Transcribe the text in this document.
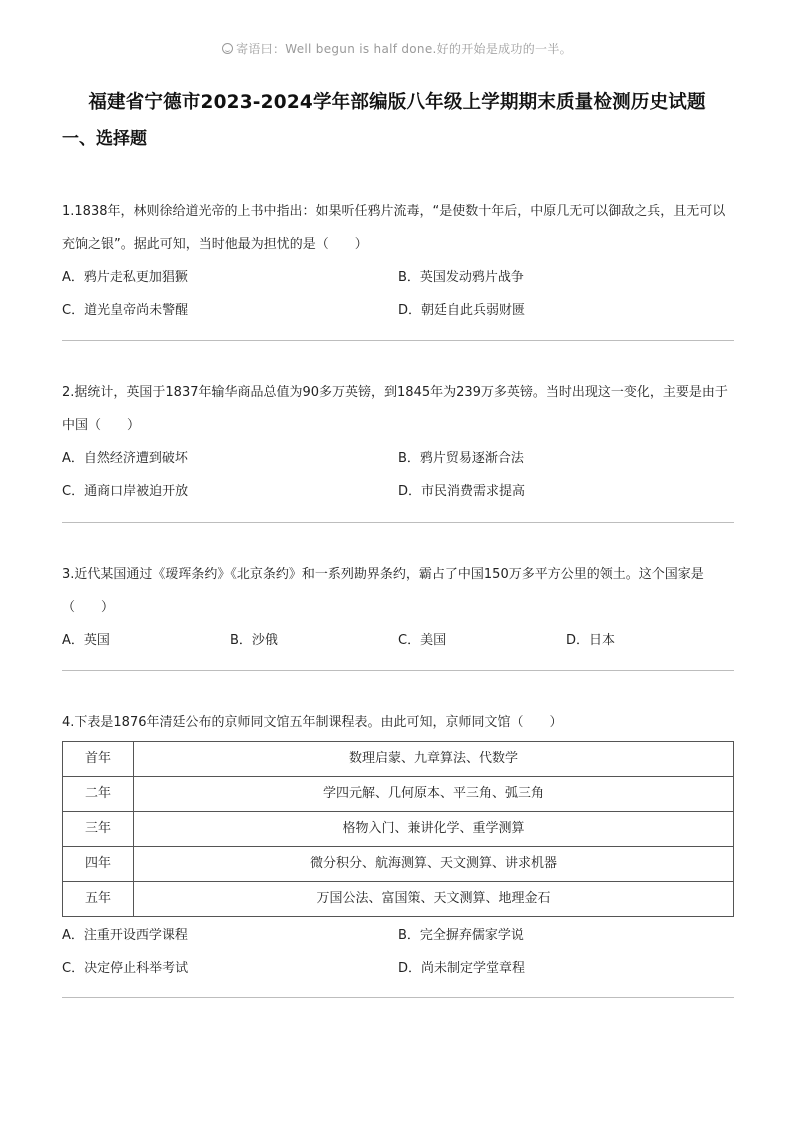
寄语曰：Well begun is half done.好的开始是成功的一半。
福建省宁德市2023-2024学年部编版八年级上学期期末质量检测历史试题
一、选择题
1.1838年，林则徐给道光帝的上书中指出：如果听任鸦片流毒，“是使数十年后，中原几无可以御敌之兵，且无可以充饷之银”。据此可知，当时他最为担忧的是（　　）
A．鸦片走私更加猖獗	B．英国发动鸦片战争
C．道光皇帝尚未警醒	D．朝廷自此兵弱财匮
2.据统计，英国于1837年输华商品总值为90多万英镑，到1845年为239万多英镑。当时出现这一变化，主要是由于中国（　　）
A．自然经济遭到破坏	B．鸦片贸易逐渐合法
C．通商口岸被迫开放	D．市民消费需求提高
3.近代某国通过《瑷珲条约》《北京条约》和一系列勘界条约，霸占了中国150万多平方公里的领土。这个国家是（　　）
A．英国	B．沙俄	C．美国	D．日本
4.下表是1876年清廷公布的京师同文馆五年制课程表。由此可知，京师同文馆（　　）
首年	数理启蒙、九章算法、代数学
二年	学四元解、几何原本、平三角、弧三角
三年	格物入门、兼讲化学、重学测算
四年	微分积分、航海测算、天文测算、讲求机器
五年	万国公法、富国策、天文测算、地理金石
A．注重开设西学课程	B．完全摒弃儒家学说
C．决定停止科举考试	D．尚未制定学堂章程
